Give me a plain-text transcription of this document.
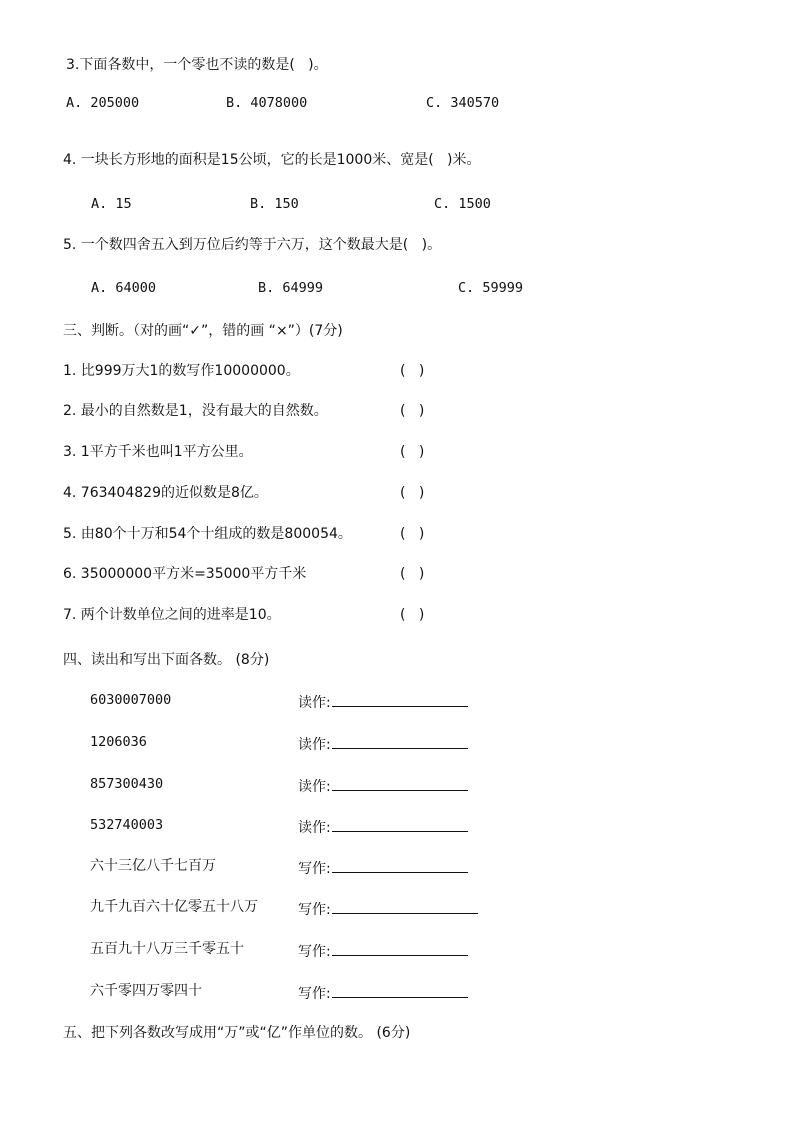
3.下面各数中，一个零也不读的数是(   )。
A. 205000	B. 4078000	C. 340570
4. 一块长方形地的面积是15公顷，它的长是1000米、宽是(   )米。
A. 15	B. 150	C. 1500
5. 一个数四舍五入到万位后约等于六万，这个数最大是(   )。
A. 64000	B. 64999	C. 59999
三、判断。（对的画“✓”，错的画 “×”）(7分)
1. 比999万大1的数写作10000000。	(   )
2. 最小的自然数是1，没有最大的自然数。	(   )
3. 1平方千米也叫1平方公里。	(   )
4. 763404829的近似数是8亿。	(   )
5. 由80个十万和54个十组成的数是800054。	(   )
6. 35000000平方米=35000平方千米	(   )
7. 两个计数单位之间的进率是10。	(   )
四、读出和写出下面各数。 (8分)
6030007000	读作:
1206036	读作:
857300430	读作:
532740003	读作:
六十三亿八千七百万	写作:
九千九百六十亿零五十八万	写作:
五百九十八万三千零五十	写作:
六千零四万零四十	写作:
五、把下列各数改写成用“万”或“亿”作单位的数。 (6分)
